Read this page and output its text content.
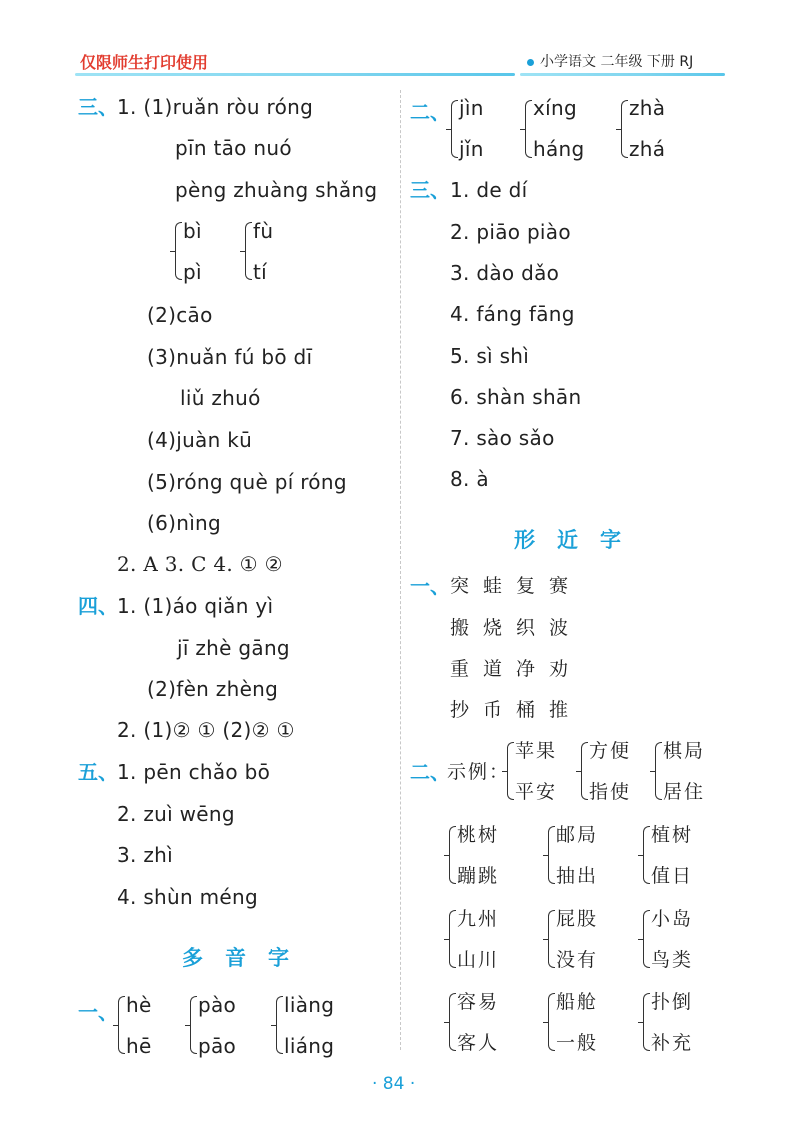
仅限师生打印使用	小学语文 二年级 下册 RJ
三、 1. (1)ruǎn ròu róng
pīn tāo nuó
pèng zhuàng shǎng
bì
pì
fù
tí
(2)cāo
(3)nuǎn fú bō dī
liǔ zhuó
(4)juàn kū
(5)róng què pí róng
(6)nìng
2. A 3. C 4. ① ②
四、 1. (1)áo qiǎn yì
jī zhè gāng
(2)fèn zhèng
2. (1)② ① (2)② ①
五、 1. pēn chǎo bō
2. zuì wēng
3. zhì
4. shùn méng
多音字
一、 hè
hē
pào
pāo
liàng
liáng
二、 jìn
jǐn
xíng
háng
zhà
zhá
三、 1. de dí
2. piāo piào
3. dào dǎo
4. fáng fāng
5. sì shì
6. shàn shān
7. sào sǎo
8. à
形近字
一、 突蛙复赛
搬烧织波
重道净劝
抄币桶推
二、
示例：
苹果
平安
方便
指使
棋局
居住
桃树
蹦跳
邮局
抽出
植树
值日
九州
山川
屁股
没有
小岛
鸟类
容易
客人
船舱
一般
扑倒
补充
· 84 ·
